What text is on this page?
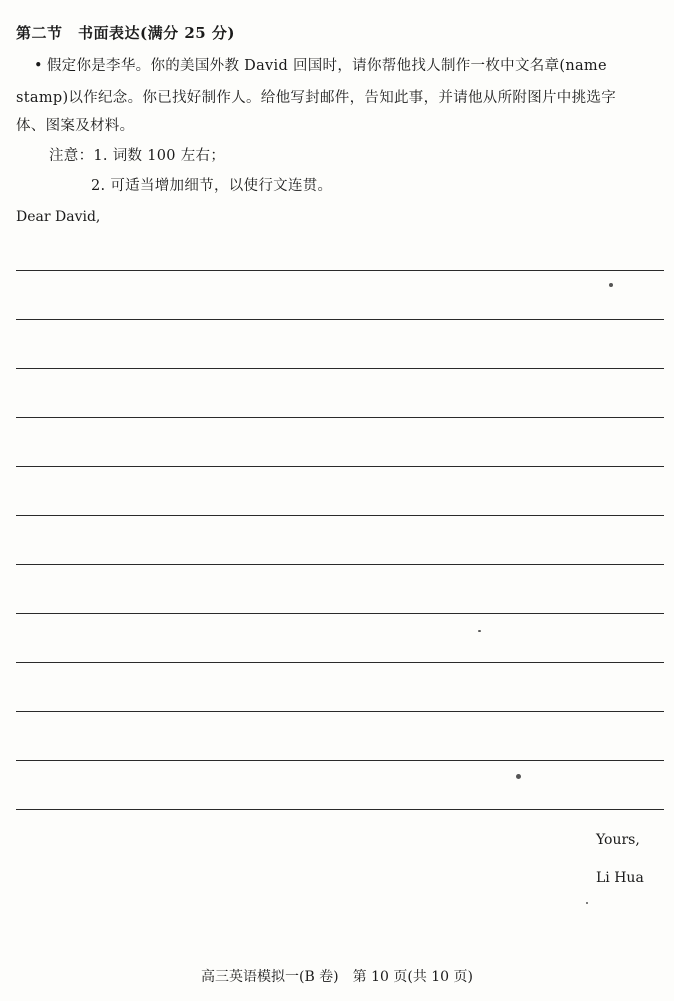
第二节　书面表达(满分 25 分)
• 假定你是李华。你的美国外教 David 回国时，请你帮他找人制作一枚中文名章(name
stamp)以作纪念。你已找好制作人。给他写封邮件，告知此事，并请他从所附图片中挑选字
体、图案及材料。
注意：1. 词数 100 左右；
2. 可适当增加细节，以使行文连贯。
Dear David,
Yours,
Li Hua
高三英语模拟一(B 卷)　第 10 页(共 10 页)
